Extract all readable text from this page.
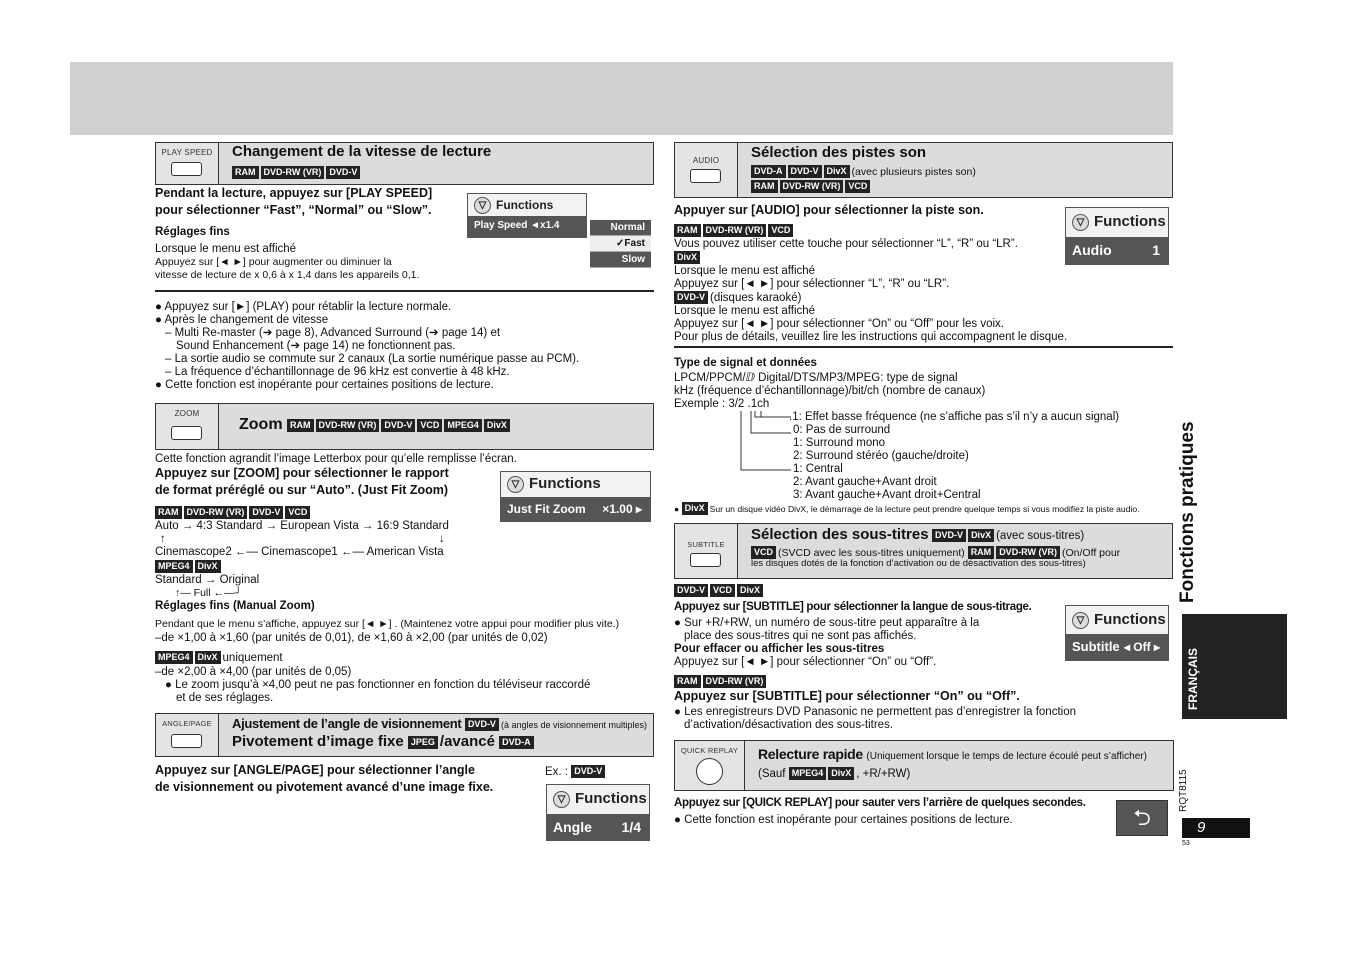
PLAY SPEED	Changement de la vitesse de lecture
RAM DVD-RW (VR) DVD-V
Pendant la lecture, appuyez sur [PLAY SPEED]
pour sélectionner “Fast”, “Normal” ou “Slow”.
Réglages fins
Lorsque le menu est affiché
Appuyez sur [◄ ►] pour augmenter ou diminuer la
vitesse de lecture de x 0,6 à x 1,4 dans les appareils 0,1.
▽ Functions
Play Speed ◄x1.4	Normal
✓Fast
Slow
● Appuyez sur [►] (PLAY) pour rétablir la lecture normale.
● Après le changement de vitesse
– Multi Re-master (➔ page 8), Advanced Surround (➔ page 14) et
Sound Enhancement (➔ page 14) ne fonctionnent pas.
– La sortie audio se commute sur 2 canaux (La sortie numérique passe au PCM).
– La fréquence d’échantillonnage de 96 kHz est convertie à 48 kHz.
● Cette fonction est inopérante pour certaines positions de lecture.
ZOOM
Zoom RAM DVD-RW (VR) DVD-V VCD MPEG4 DivX
Cette fonction agrandit l’image Letterbox pour qu’elle remplisse l’écran.
Appuyez sur [ZOOM] pour sélectionner le rapport
de format préréglé ou sur “Auto”. (Just Fit Zoom)	▽ Functions
Just Fit Zoom ×1.00 ▸
RAM DVD-RW (VR) DVD-V VCD
Auto → 4:3 Standard → European Vista → 16:9 Standard
↑	↓
Cinemascope2 ←— Cinemascope1 ←— American Vista
MPEG4 DivX
Standard → Original
↑— Full ←—┘
Réglages fins (Manual Zoom)
Pendant que le menu s’affiche, appuyez sur [◄ ►] . (Maintenez votre appui pour modifier plus vite.)
–de ×1,00 à ×1,60 (par unités de 0,01), de ×1,60 à ×2,00 (par unités de 0,02)
MPEG4 DivX uniquement
–de ×2,00 à ×4,00 (par unités de 0,05)
● Le zoom jusqu’à ×4,00 peut ne pas fonctionner en fonction du téléviseur raccordé
et de ses réglages.
ANGLE/PAGE	Ajustement de l’angle de visionnement DVD-V (à angles de visionnement multiples)
Pivotement d’image fixe JPEG /avancé DVD-A
Appuyez sur [ANGLE/PAGE] pour sélectionner l’angle
de visionnement ou pivotement avancé d’une image fixe.
Ex. : DVD-V
▽ Functions
Angle 1/4
AUDIO	Sélection des pistes son
DVD-A DVD-V DivX (avec plusieurs pistes son)
RAM DVD-RW (VR) VCD
Appuyer sur [AUDIO] pour sélectionner la piste son.
▽ Functions
Audio	1
RAM DVD-RW (VR) VCD
Vous pouvez utiliser cette touche pour sélectionner “L”, “R” ou “LR”.
DivX
Lorsque le menu est affiché
Appuyez sur [◄ ►] pour sélectionner “L”, “R” ou “LR”.
DVD-V (disques karaoké)
Lorsque le menu est affiché
Appuyez sur [◄ ►] pour sélectionner “On” ou “Off” pour les voix.
Pour plus de détails, veuillez lire les instructions qui accompagnent le disque.
Type de signal et données
LPCM/PPCM/ⅅ Digital/DTS/MP3/MPEG: type de signal
kHz (fréquence d’échantillonnage)/bit/ch (nombre de canaux)
Exemple : 3/2 .1ch
.1: Effet basse fréquence (ne s’affiche pas s’il n’y a aucun signal)
0: Pas de surround
1: Surround mono
2: Surround stéréo (gauche/droite)
1: Central
2: Avant gauche+Avant droit
3: Avant gauche+Avant droit+Central
● DivX Sur un disque vidéo DivX, le démarrage de la lecture peut prendre quelque temps si vous modifiez la piste audio.
SUBTITLE
Sélection des sous-titres DVD-V DivX (avec sous-titres)
VCD (SVCD avec les sous-titres uniquement) RAM DVD-RW (VR) (On/Off pour
les disques dotés de la fonction d’activation ou de désactivation des sous-titres)
DVD-V VCD DivX
Appuyez sur [SUBTITLE] pour sélectionner la langue de sous-titrage.
● Sur +R/+RW, un numéro de sous-titre peut apparaître à la
place des sous-titres qui ne sont pas affichés.
Pour effacer ou afficher les sous-titres
Appuyez sur [◄ ►] pour sélectionner “On” ou “Off”.
▽ Functions
Subtitle ◂ Off ▸
RAM DVD-RW (VR)
Appuyez sur [SUBTITLE] pour sélectionner “On” ou “Off”.
● Les enregistreurs DVD Panasonic ne permettent pas d’enregistrer la fonction
d’activation/désactivation des sous-titres.
QUICK REPLAY	Relecture rapide (Uniquement lorsque le temps de lecture écoulé peut s’afficher)
(Sauf MPEG4 DivX , +R/+RW)
Appuyez sur [QUICK REPLAY] pour sauter vers l’arrière de quelques secondes.
● Cette fonction est inopérante pour certaines positions de lecture.	⮌
Fonctions pratiques
FRANÇAIS
RQT8115
9
53
